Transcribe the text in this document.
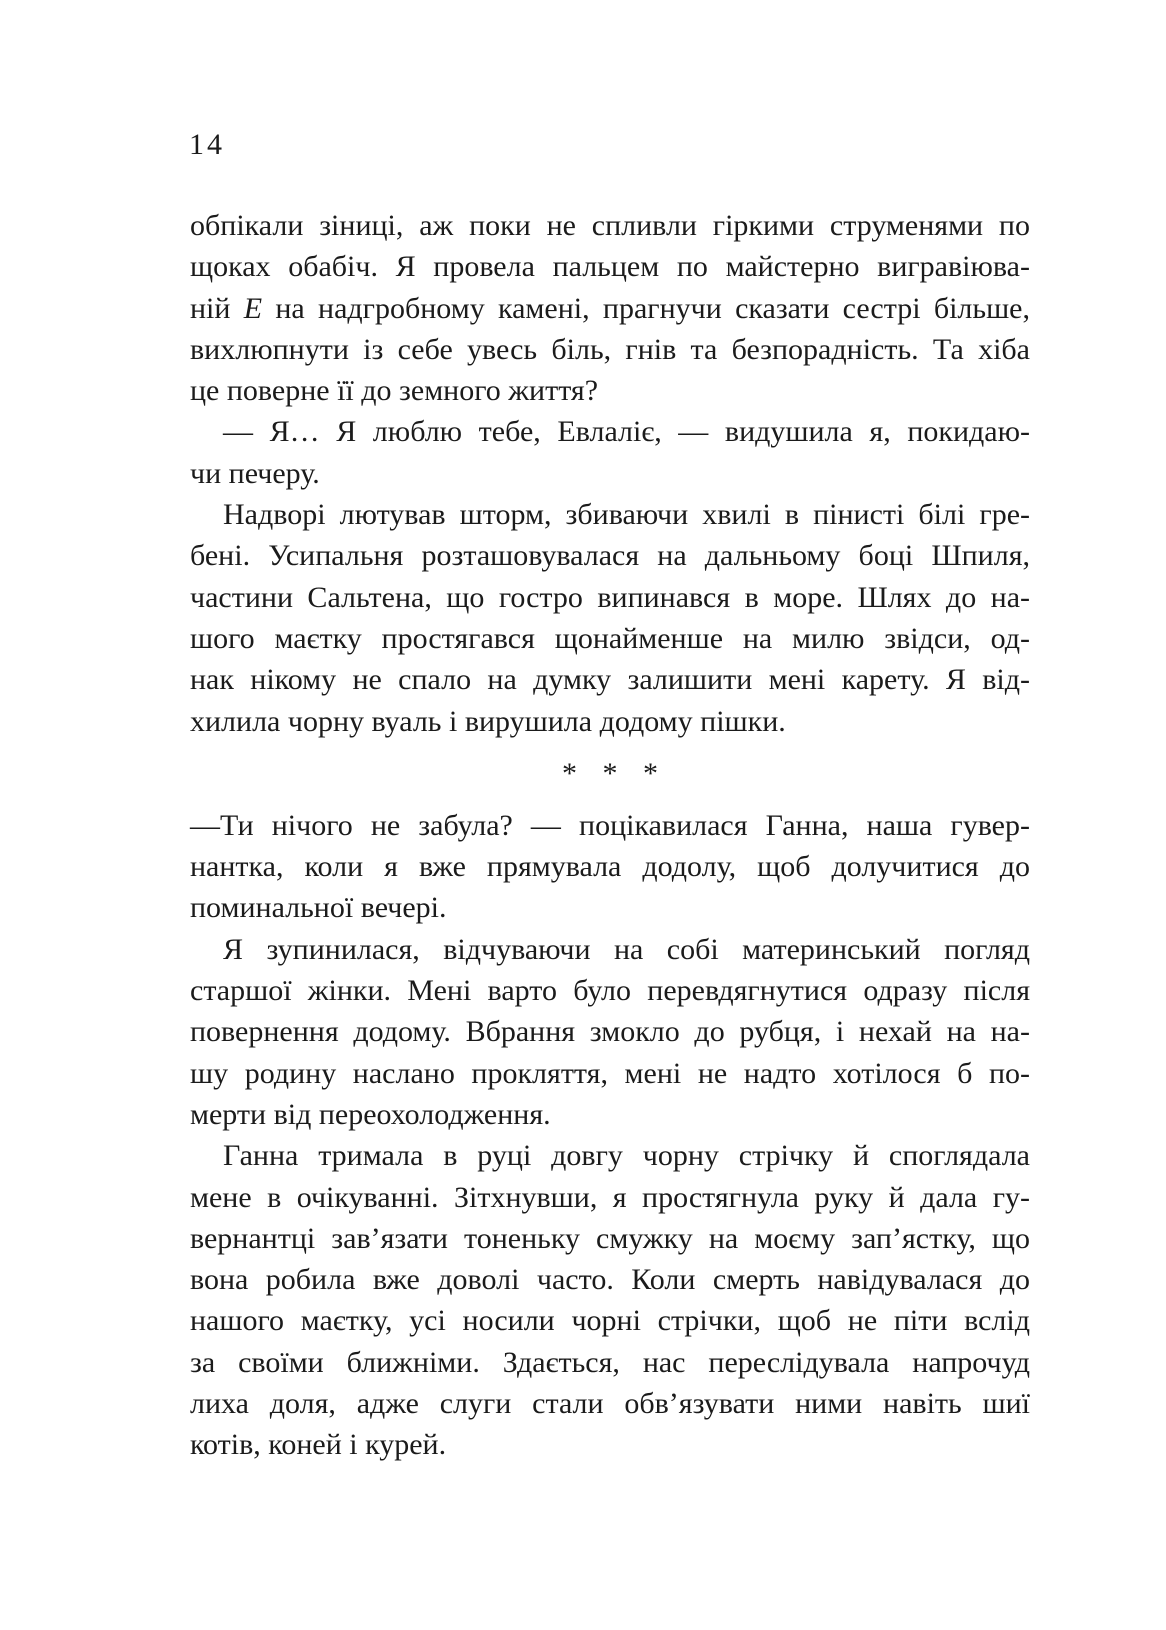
14
обпікали зіниці, аж поки не спливли гіркими струменями по
щоках обабіч. Я провела пальцем по майстерно вигравіюва-
ній Е на надгробному камені, прагнучи сказати сестрі більше,
вихлюпнути із себе увесь біль, гнів та безпорадність. Та хіба
це поверне її до земного життя?
— Я… Я люблю тебе, Евлаліє, — видушила я, покидаю-
чи печеру.
Надворі лютував шторм, збиваючи хвилі в пінисті білі гре-
бені. Усипальня розташовувалася на дальньому боці Шпиля,
частини Сальтена, що гостро випинався в море. Шлях до на-
шого маєтку простягався щонайменше на милю звідси, од-
нак нікому не спало на думку залишити мені карету. Я від-
хилила чорну вуаль і вирушила додому пішки.
* * *
—Ти нічого не забула? — поцікавилася Ганна, наша гувер-
нантка, коли я вже прямувала додолу, щоб долучитися до
поминальної вечері.
Я зупинилася, відчуваючи на собі материнський погляд
старшої жінки. Мені варто було перевдягнутися одразу після
повернення додому. Вбрання змокло до рубця, і нехай на на-
шу родину наслано прокляття, мені не надто хотілося б по-
мерти від переохолодження.
Ганна тримала в руці довгу чорну стрічку й споглядала
мене в очікуванні. Зітхнувши, я простягнула руку й дала гу-
вернантці зав’язати тоненьку смужку на моєму зап’ястку, що
вона робила вже доволі часто. Коли смерть навідувалася до
нашого маєтку, усі носили чорні стрічки, щоб не піти вслід
за своїми ближніми. Здається, нас переслідувала напрочуд
лиха доля, адже слуги стали обв’язувати ними навіть шиї
котів, коней і курей.
